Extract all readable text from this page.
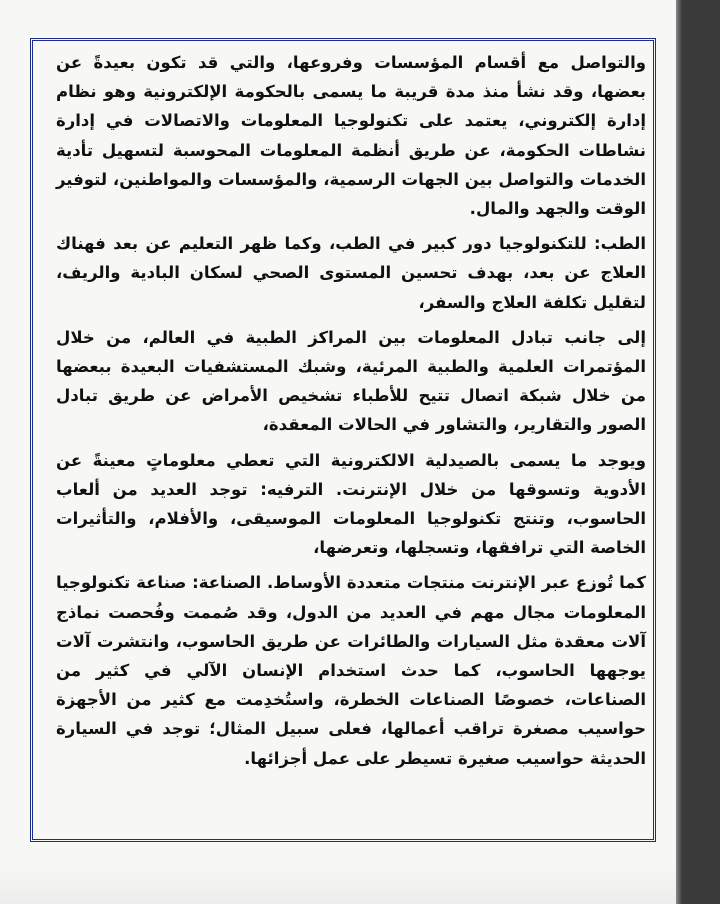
والتواصل مع أقسام المؤسسات وفروعها، والتي قد تكون بعيدةً عن بعضها، وقد نشأ منذ مدة قريبة ما يسمى بالحكومة الإلكترونية وهو نظام إدارة إلكتروني، يعتمد على تكنولوجيا المعلومات والاتصالات في إدارة نشاطات الحكومة، عن طريق أنظمة المعلومات المحوسبة لتسهيل تأدية الخدمات والتواصل بين الجهات الرسمية، والمؤسسات والمواطنين، لتوفير الوقت والجهد والمال.

الطب: للتكنولوجيا دور كبير في الطب، وكما ظهر التعليم عن بعد فهناك العلاج عن بعد، بهدف تحسين المستوى الصحي لسكان البادية والريف، لتقليل تكلفة العلاج والسفر،

إلى جانب تبادل المعلومات بين المراكز الطبية في العالم، من خلال المؤتمرات العلمية والطبية المرئية، وشبك المستشفيات البعيدة ببعضها من خلال شبكة اتصال تتيح للأطباء تشخيص الأمراض عن طريق تبادل الصور والتقارير، والتشاور في الحالات المعقدة،

ويوجد ما يسمى بالصيدلية الالكترونية التي تعطي معلوماتٍ معينةً عن الأدوية وتسوقها من خلال الإنترنت. الترفيه: توجد العديد من ألعاب الحاسوب، وتنتج تكنولوجيا المعلومات الموسيقى، والأفلام، والتأثيرات الخاصة التي ترافقها، وتسجلها، وتعرضها،

كما تُوزع عبر الإنترنت منتجات متعددة الأوساط. الصناعة: صناعة تكنولوجيا المعلومات مجال مهم في العديد من الدول، وقد صُممت وفُحصت نماذج آلات معقدة مثل السيارات والطائرات عن طريق الحاسوب، وانتشرت آلات يوجهها الحاسوب، كما حدث استخدام الإنسان الآلي في كثير من الصناعات، خصوصًا الصناعات الخطرة، واستُخدِمت مع كثير من الأجهزة حواسيب مصغرة تراقب أعمالها، فعلى سبيل المثال؛ توجد في السيارة الحديثة حواسيب صغيرة تسيطر على عمل أجزائها.
